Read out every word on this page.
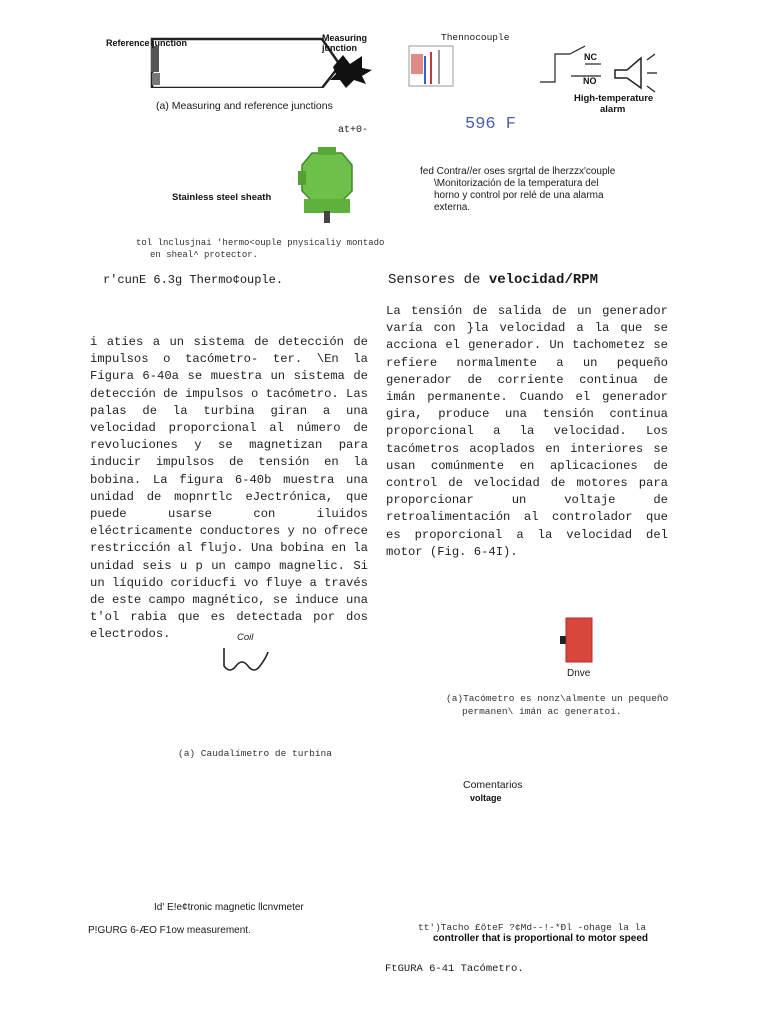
Reference junction	Measuring junction
(a) Measuring and reference junctions
at+0-
Stainless steel sheath
tol lnclusjnai 'hermo<ouple pnysicaliy montado
en sheal^ protector.
r'cunE 6.3g Thermo¢ouple.
Thennocouple
NC
NO
High-temperature
alarm
596 F
fed Contra//er oses srgrtal de lherzzx'couple
\Monitorización de la temperatura del
horno y control por relé de una alarma
externa.
Sensores de velocidad/RPM
La tensión de salida de un generador varía con }la velocidad a la que se acciona el generador. Un tachometez se refiere normalmente a un pequeño generador de corriente continua de imán permanente. Cuando el generador gira, produce una tensión continua proporcional a la velocidad. Los tacómetros acoplados en interiores se usan comúnmente en aplicaciones de control de velocidad de motores para proporcionar un voltaje de retroalimentación al controlador que es proporcional a la velocidad del motor (Fig. 6-4I).
i aties a un sistema de detección de impulsos o tacómetro- ter. \En la Figura 6-40a se muestra un sistema de detección de impulsos o tacómetro. Las palas de la turbina giran a una velocidad proporcional al número de revoluciones y se magnetizan para inducir impulsos de tensión en la bobina. La figura 6-40b muestra una unidad de mopnrtlc eJectrónica, que puede usarse con iluidos eléctricamente conductores y no ofrece restricción al flujo. Una bobina en la unidad seis u p un campo magnelic. Si un líquido coriducfi vo fluye a través de este campo magnético, se induce una t'ol rabia que es detectada por dos electrodos.	Coil
(a) Caudalímetro de turbina
Id' E!e¢tronic magnetic llcnvmeter
P!GURG 6-ÆO F1ow measurement.
Dnve
(a)Tacómetro es nonz\almente un pequeño
permanen\ imán ac generatoi.
Comentarios
voltage
tt')Tacho £ôteF ?¢Md--!-*Ðl -ohage la la
controller that is proportional to motor speed
FtGURA 6-41 Tacómetro.
